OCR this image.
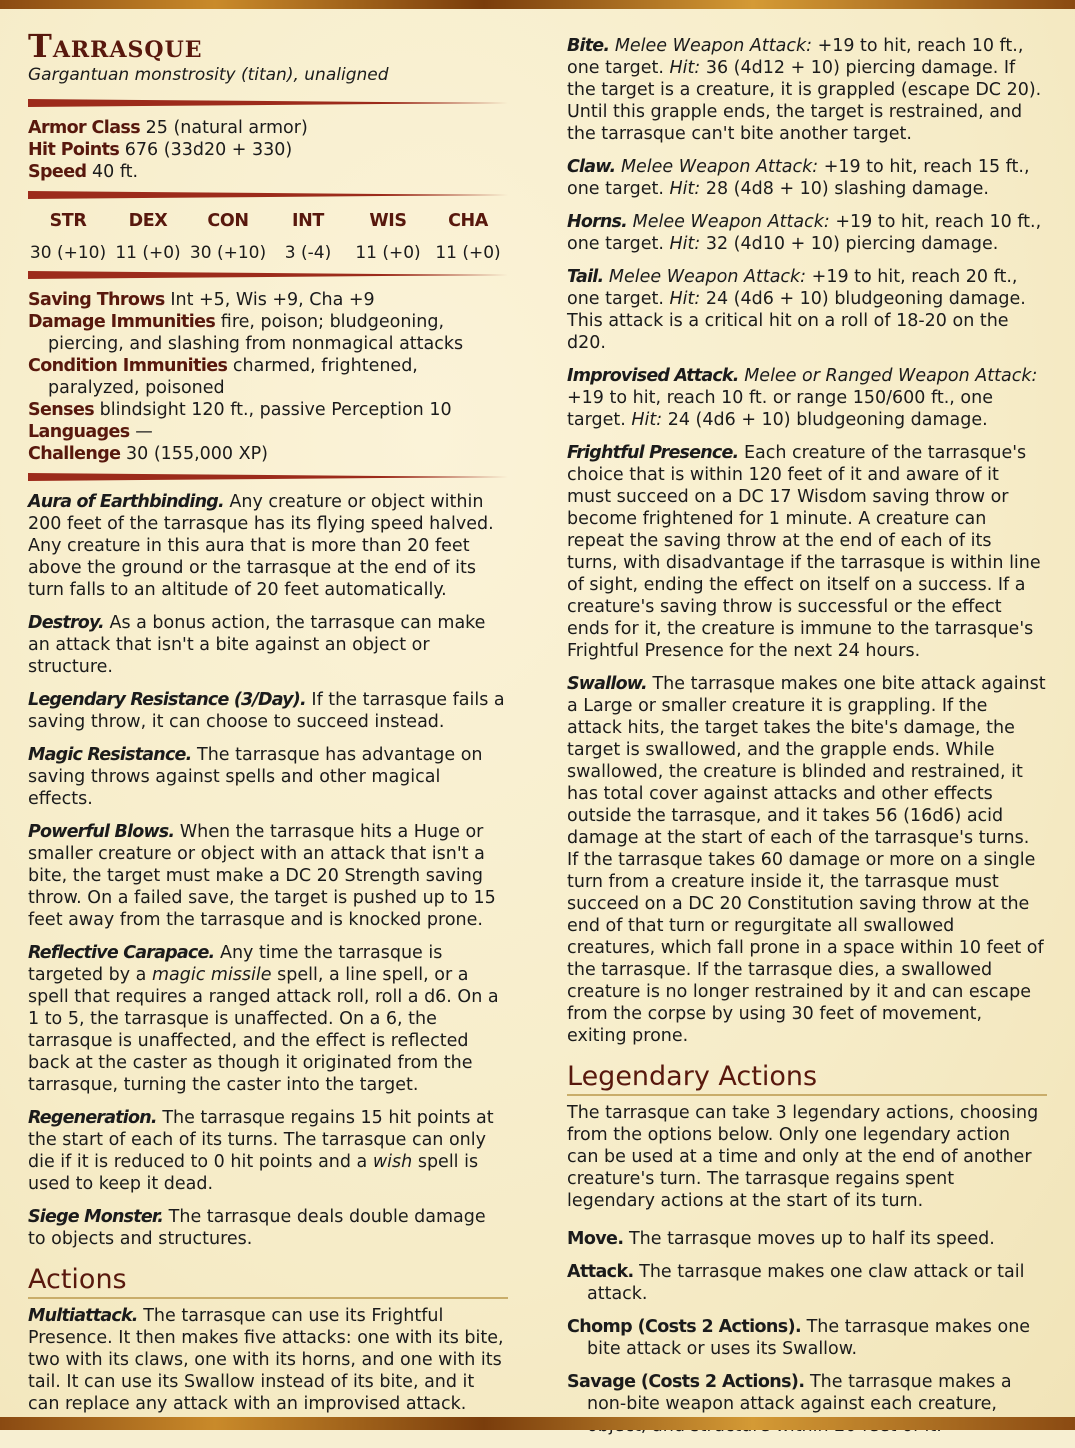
Tarrasque

Gargantuan monstrosity (titan), unaligned

Armor Class 25 (natural armor)

Hit Points 676 (33d20 + 330)

Speed 40 ft.

STR
30 (+10)
DEX
11 (+0)
CON
30 (+10)
INT
3 (-4)
WIS
11 (+0)
CHA
11 (+0)

Saving Throws Int +5, Wis +9, Cha +9

Damage Immunities fire, poison; bludgeoning, piercing, and slashing from nonmagical attacks

Condition Immunities charmed, frightened, paralyzed, poisoned

Senses blindsight 120 ft., passive Perception 10

Languages —

Challenge 30 (155,000 XP)

Aura of Earthbinding. Any creature or object within 200 feet of the tarrasque has its flying speed halved. Any creature in this aura that is more than 20 feet above the ground or the tarrasque at the end of its turn falls to an altitude of 20 feet automatically.

Destroy. As a bonus action, the tarrasque can make an attack that isn't a bite against an object or structure.

Legendary Resistance (3/Day). If the tarrasque fails a saving throw, it can choose to succeed instead.

Magic Resistance. The tarrasque has advantage on saving throws against spells and other magical effects.

Powerful Blows. When the tarrasque hits a Huge or smaller creature or object with an attack that isn't a bite, the target must make a DC 20 Strength saving throw. On a failed save, the target is pushed up to 15 feet away from the tarrasque and is knocked prone.

Reflective Carapace. Any time the tarrasque is targeted by a magic missile spell, a line spell, or a spell that requires a ranged attack roll, roll a d6. On a 1 to 5, the tarrasque is unaffected. On a 6, the tarrasque is unaffected, and the effect is reflected back at the caster as though it originated from the tarrasque, turning the caster into the target.

Regeneration. The tarrasque regains 15 hit points at the start of each of its turns. The tarrasque can only die if it is reduced to 0 hit points and a wish spell is used to keep it dead.

Siege Monster. The tarrasque deals double damage to objects and structures.

Actions

Multiattack. The tarrasque can use its Frightful Presence. It then makes five attacks: one with its bite, two with its claws, one with its horns, and one with its tail. It can use its Swallow instead of its bite, and it can replace any attack with an improvised attack.

Bite. Melee Weapon Attack: +19 to hit, reach 10 ft., one target. Hit: 36 (4d12 + 10) piercing damage. If the target is a creature, it is grappled (escape DC 20). Until this grapple ends, the target is restrained, and the tarrasque can't bite another target.

Claw. Melee Weapon Attack: +19 to hit, reach 15 ft., one target. Hit: 28 (4d8 + 10) slashing damage.

Horns. Melee Weapon Attack: +19 to hit, reach 10 ft., one target. Hit: 32 (4d10 + 10) piercing damage.

Tail. Melee Weapon Attack: +19 to hit, reach 20 ft., one target. Hit: 24 (4d6 + 10) bludgeoning damage. This attack is a critical hit on a roll of 18-20 on the d20.

Improvised Attack. Melee or Ranged Weapon Attack: +19 to hit, reach 10 ft. or range 150/600 ft., one target. Hit: 24 (4d6 + 10) bludgeoning damage.

Frightful Presence. Each creature of the tarrasque's choice that is within 120 feet of it and aware of it must succeed on a DC 17 Wisdom saving throw or become frightened for 1 minute. A creature can repeat the saving throw at the end of each of its turns, with disadvantage if the tarrasque is within line of sight, ending the effect on itself on a success. If a creature's saving throw is successful or the effect ends for it, the creature is immune to the tarrasque's Frightful Presence for the next 24 hours.

Swallow. The tarrasque makes one bite attack against a Large or smaller creature it is grappling. If the attack hits, the target takes the bite's damage, the target is swallowed, and the grapple ends. While swallowed, the creature is blinded and restrained, it has total cover against attacks and other effects outside the tarrasque, and it takes 56 (16d6) acid damage at the start of each of the tarrasque's turns.

If the tarrasque takes 60 damage or more on a single turn from a creature inside it, the tarrasque must succeed on a DC 20 Constitution saving throw at the end of that turn or regurgitate all swallowed creatures, which fall prone in a space within 10 feet of the tarrasque. If the tarrasque dies, a swallowed creature is no longer restrained by it and can escape from the corpse by using 30 feet of movement, exiting prone.

Legendary Actions

The tarrasque can take 3 legendary actions, choosing from the options below. Only one legendary action can be used at a time and only at the end of another creature's turn. The tarrasque regains spent legendary actions at the start of its turn.

Move. The tarrasque moves up to half its speed.

Attack. The tarrasque makes one claw attack or tail attack.

Chomp (Costs 2 Actions). The tarrasque makes one bite attack or uses its Swallow.

Savage (Costs 2 Actions). The tarrasque makes a non-bite weapon attack against each creature,
